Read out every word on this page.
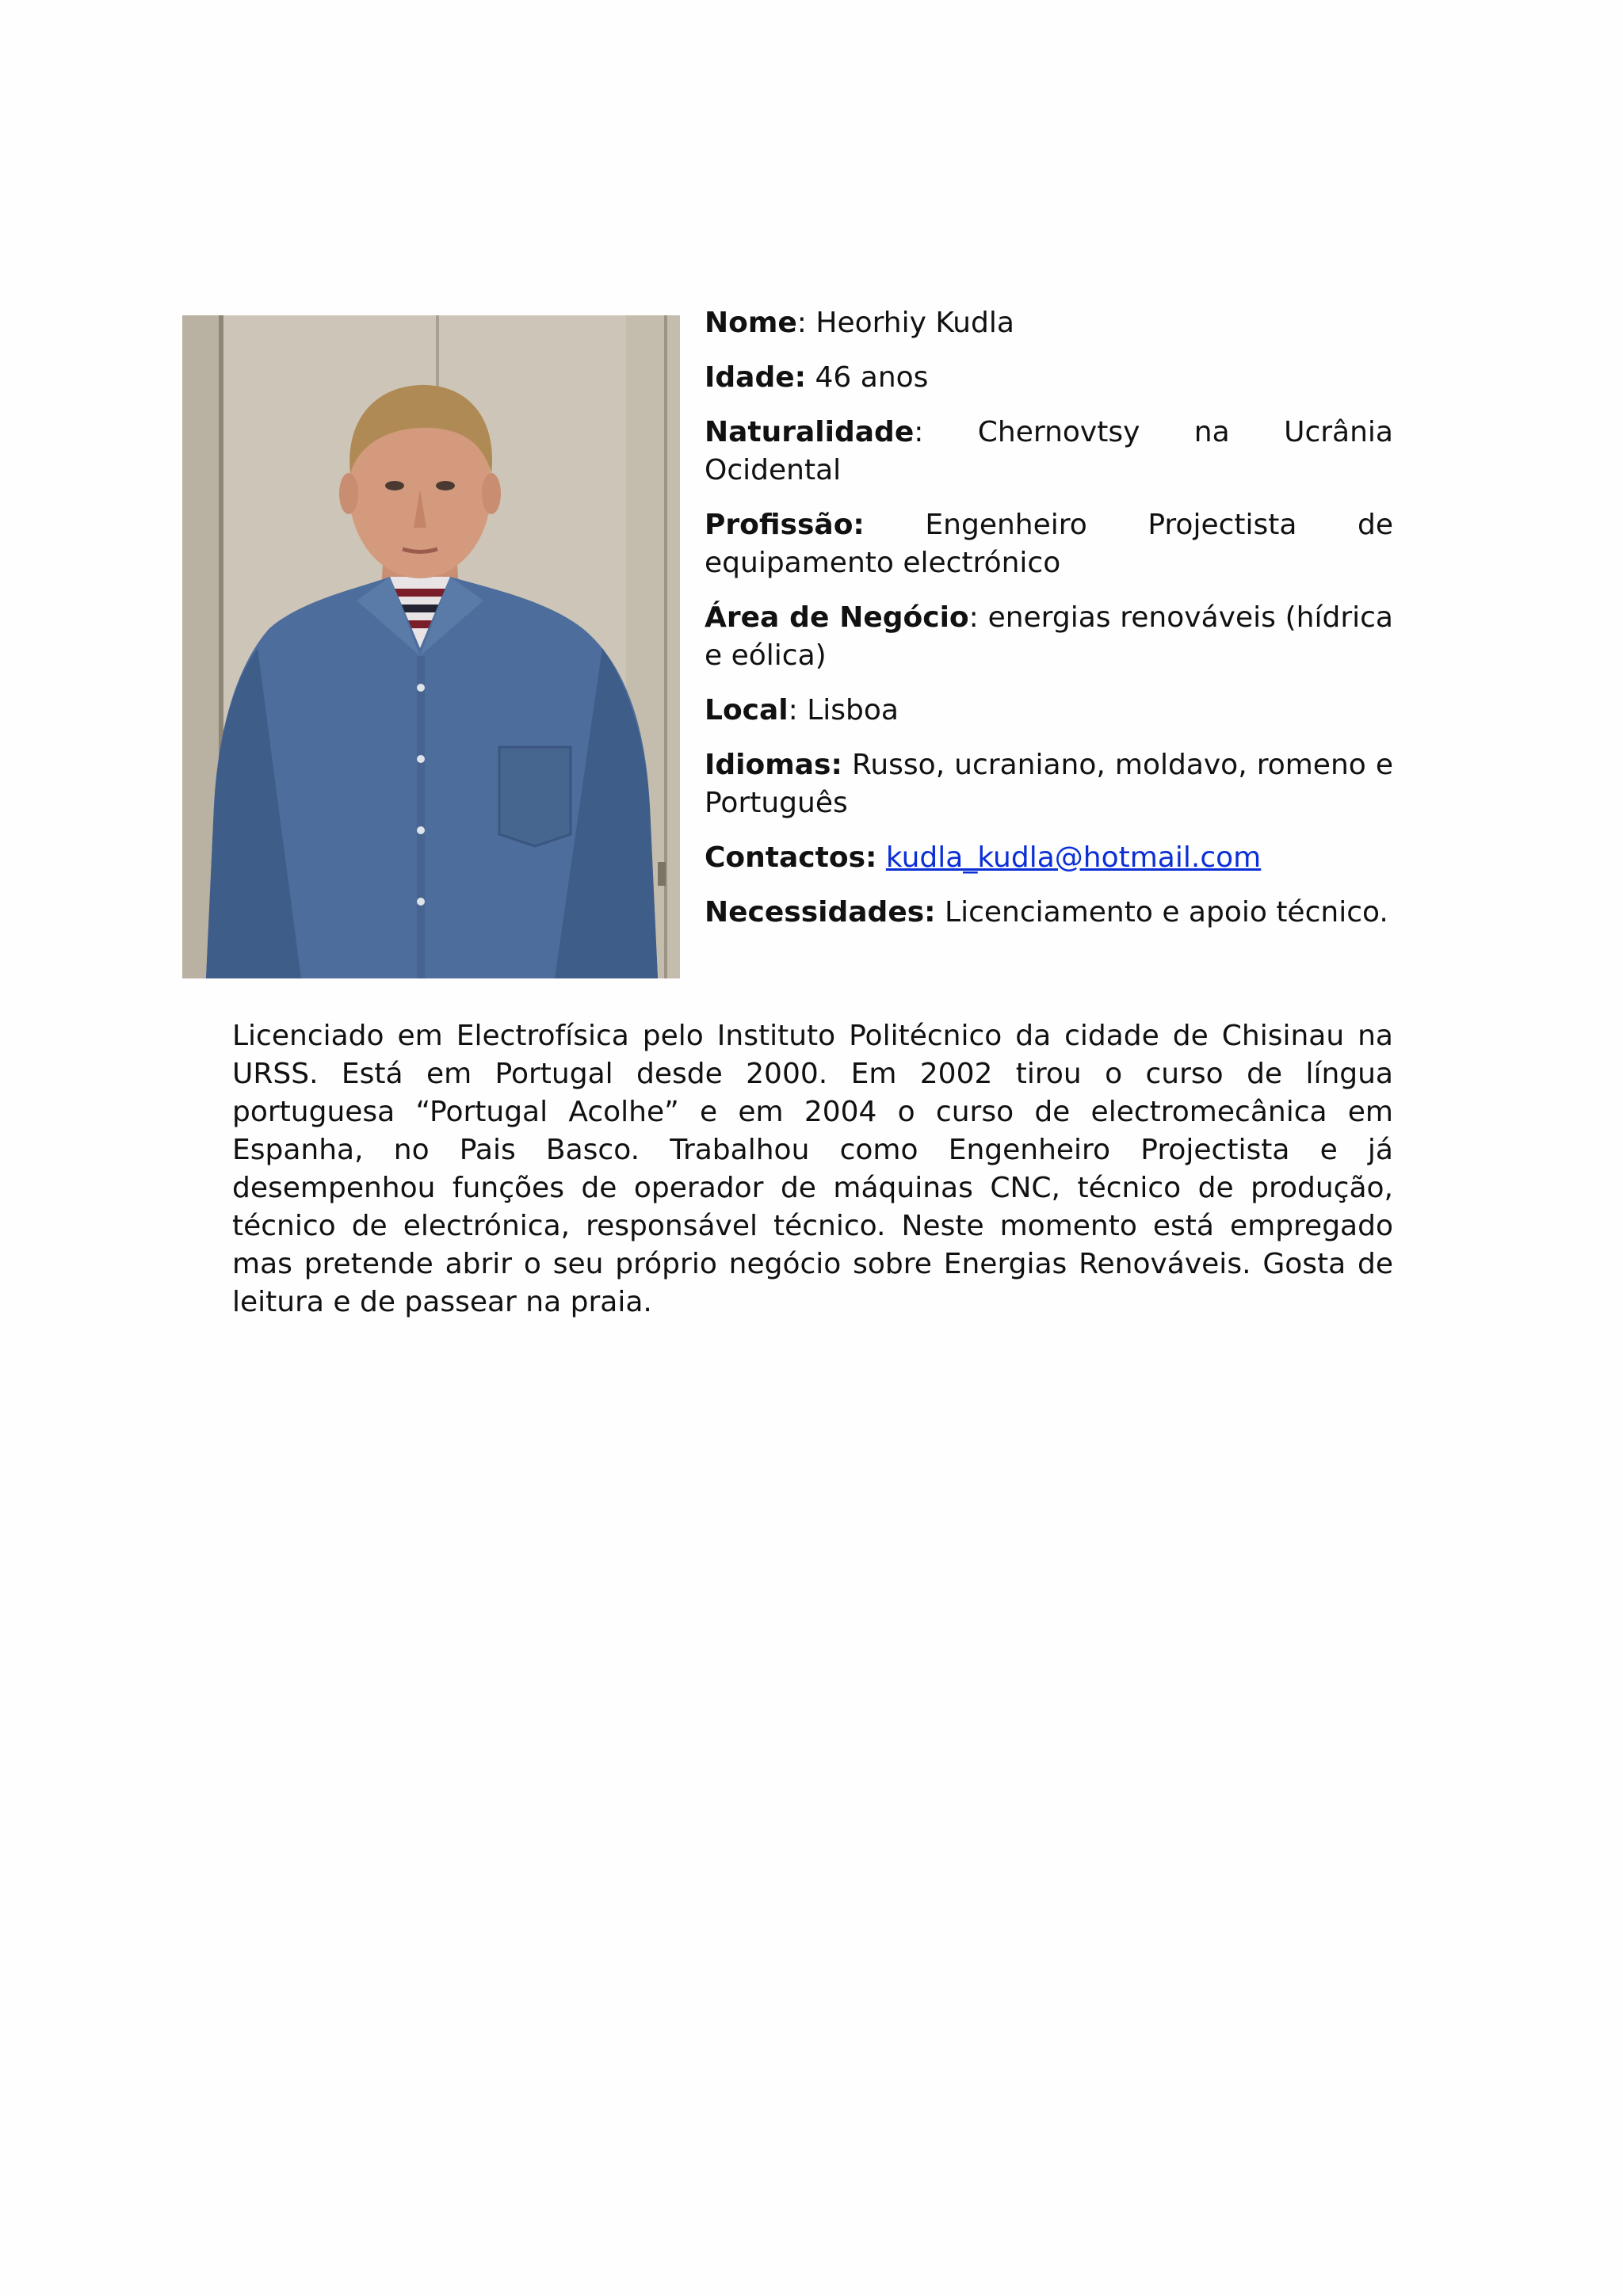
Nome: Heorhiy Kudla

Idade: 46 anos

Naturalidade: Chernovtsy na Ucrânia Ocidental

Profissão: Engenheiro Projectista de equipamento electrónico

Área de Negócio: energias renováveis (hídrica e eólica)

Local: Lisboa

Idiomas: Russo, ucraniano, moldavo, romeno e Português

Contactos: kudla_kudla@hotmail.com

Necessidades: Licenciamento e apoio técnico.

Licenciado em Electrofísica pelo Instituto Politécnico da cidade de Chisinau na URSS. Está em Portugal desde 2000. Em 2002 tirou o curso de língua portuguesa “Portugal Acolhe” e em 2004 o curso de electromecânica em Espanha, no Pais Basco. Trabalhou como Engenheiro Projectista e já desempenhou funções de operador de máquinas CNC, técnico de produção, técnico de electrónica, responsável técnico. Neste momento está empregado mas pretende abrir o seu próprio negócio sobre Energias Renováveis. Gosta de leitura e de passear na praia.
